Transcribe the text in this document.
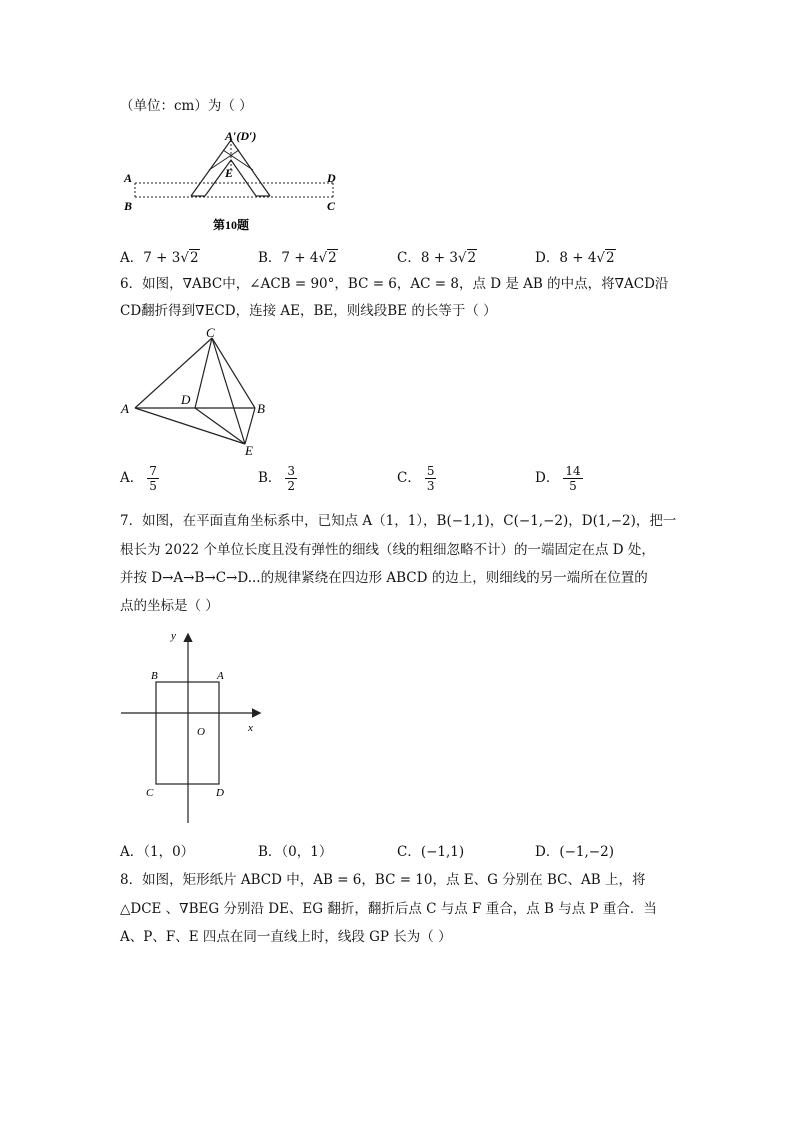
（单位：cm）为（ ）
A′(D′)
E
A
B	C
D
第10题
A．7 + 3√2	B．7 + 4√2	C．8 + 3√2	D．8 + 4√2
6．如图，∇ABC中，∠ACB = 90°，BC = 6，AC = 8，点 D 是 AB 的中点，将∇ACD沿
CD翻折得到∇ECD，连接 AE，BE，则线段BE 的长等于（ ）
A	B
C
D
E
A． $\frac{7}{5}$	B． $\frac{3}{2}$	C． $\frac{5}{3}$	D． $\frac{14}{5}$
7．如图，在平面直角坐标系中，已知点 A（1，1），B(−1,1)，C(−1,−2)，D(1,−2)，把一
根长为 2022 个单位长度且没有弹性的细线（线的粗细忽略不计）的一端固定在点 D 处，
并按 D→A→B→C→D...的规律紧绕在四边形 ABCD 的边上，则细线的另一端所在位置的
点的坐标是（ ）
y
x
O
A
B
C	D
A．（1，0）	B．（0，1）	C．(−1,1)	D．(−1,−2)
8．如图，矩形纸片 ABCD 中，AB = 6，BC = 10，点 E、G 分别在 BC、AB 上，将
△DCE 、∇BEG 分别沿 DE、EG 翻折，翻折后点 C 与点 F 重合，点 B 与点 P 重合．当
A、P、F、E 四点在同一直线上时，线段 GP 长为（ ）
